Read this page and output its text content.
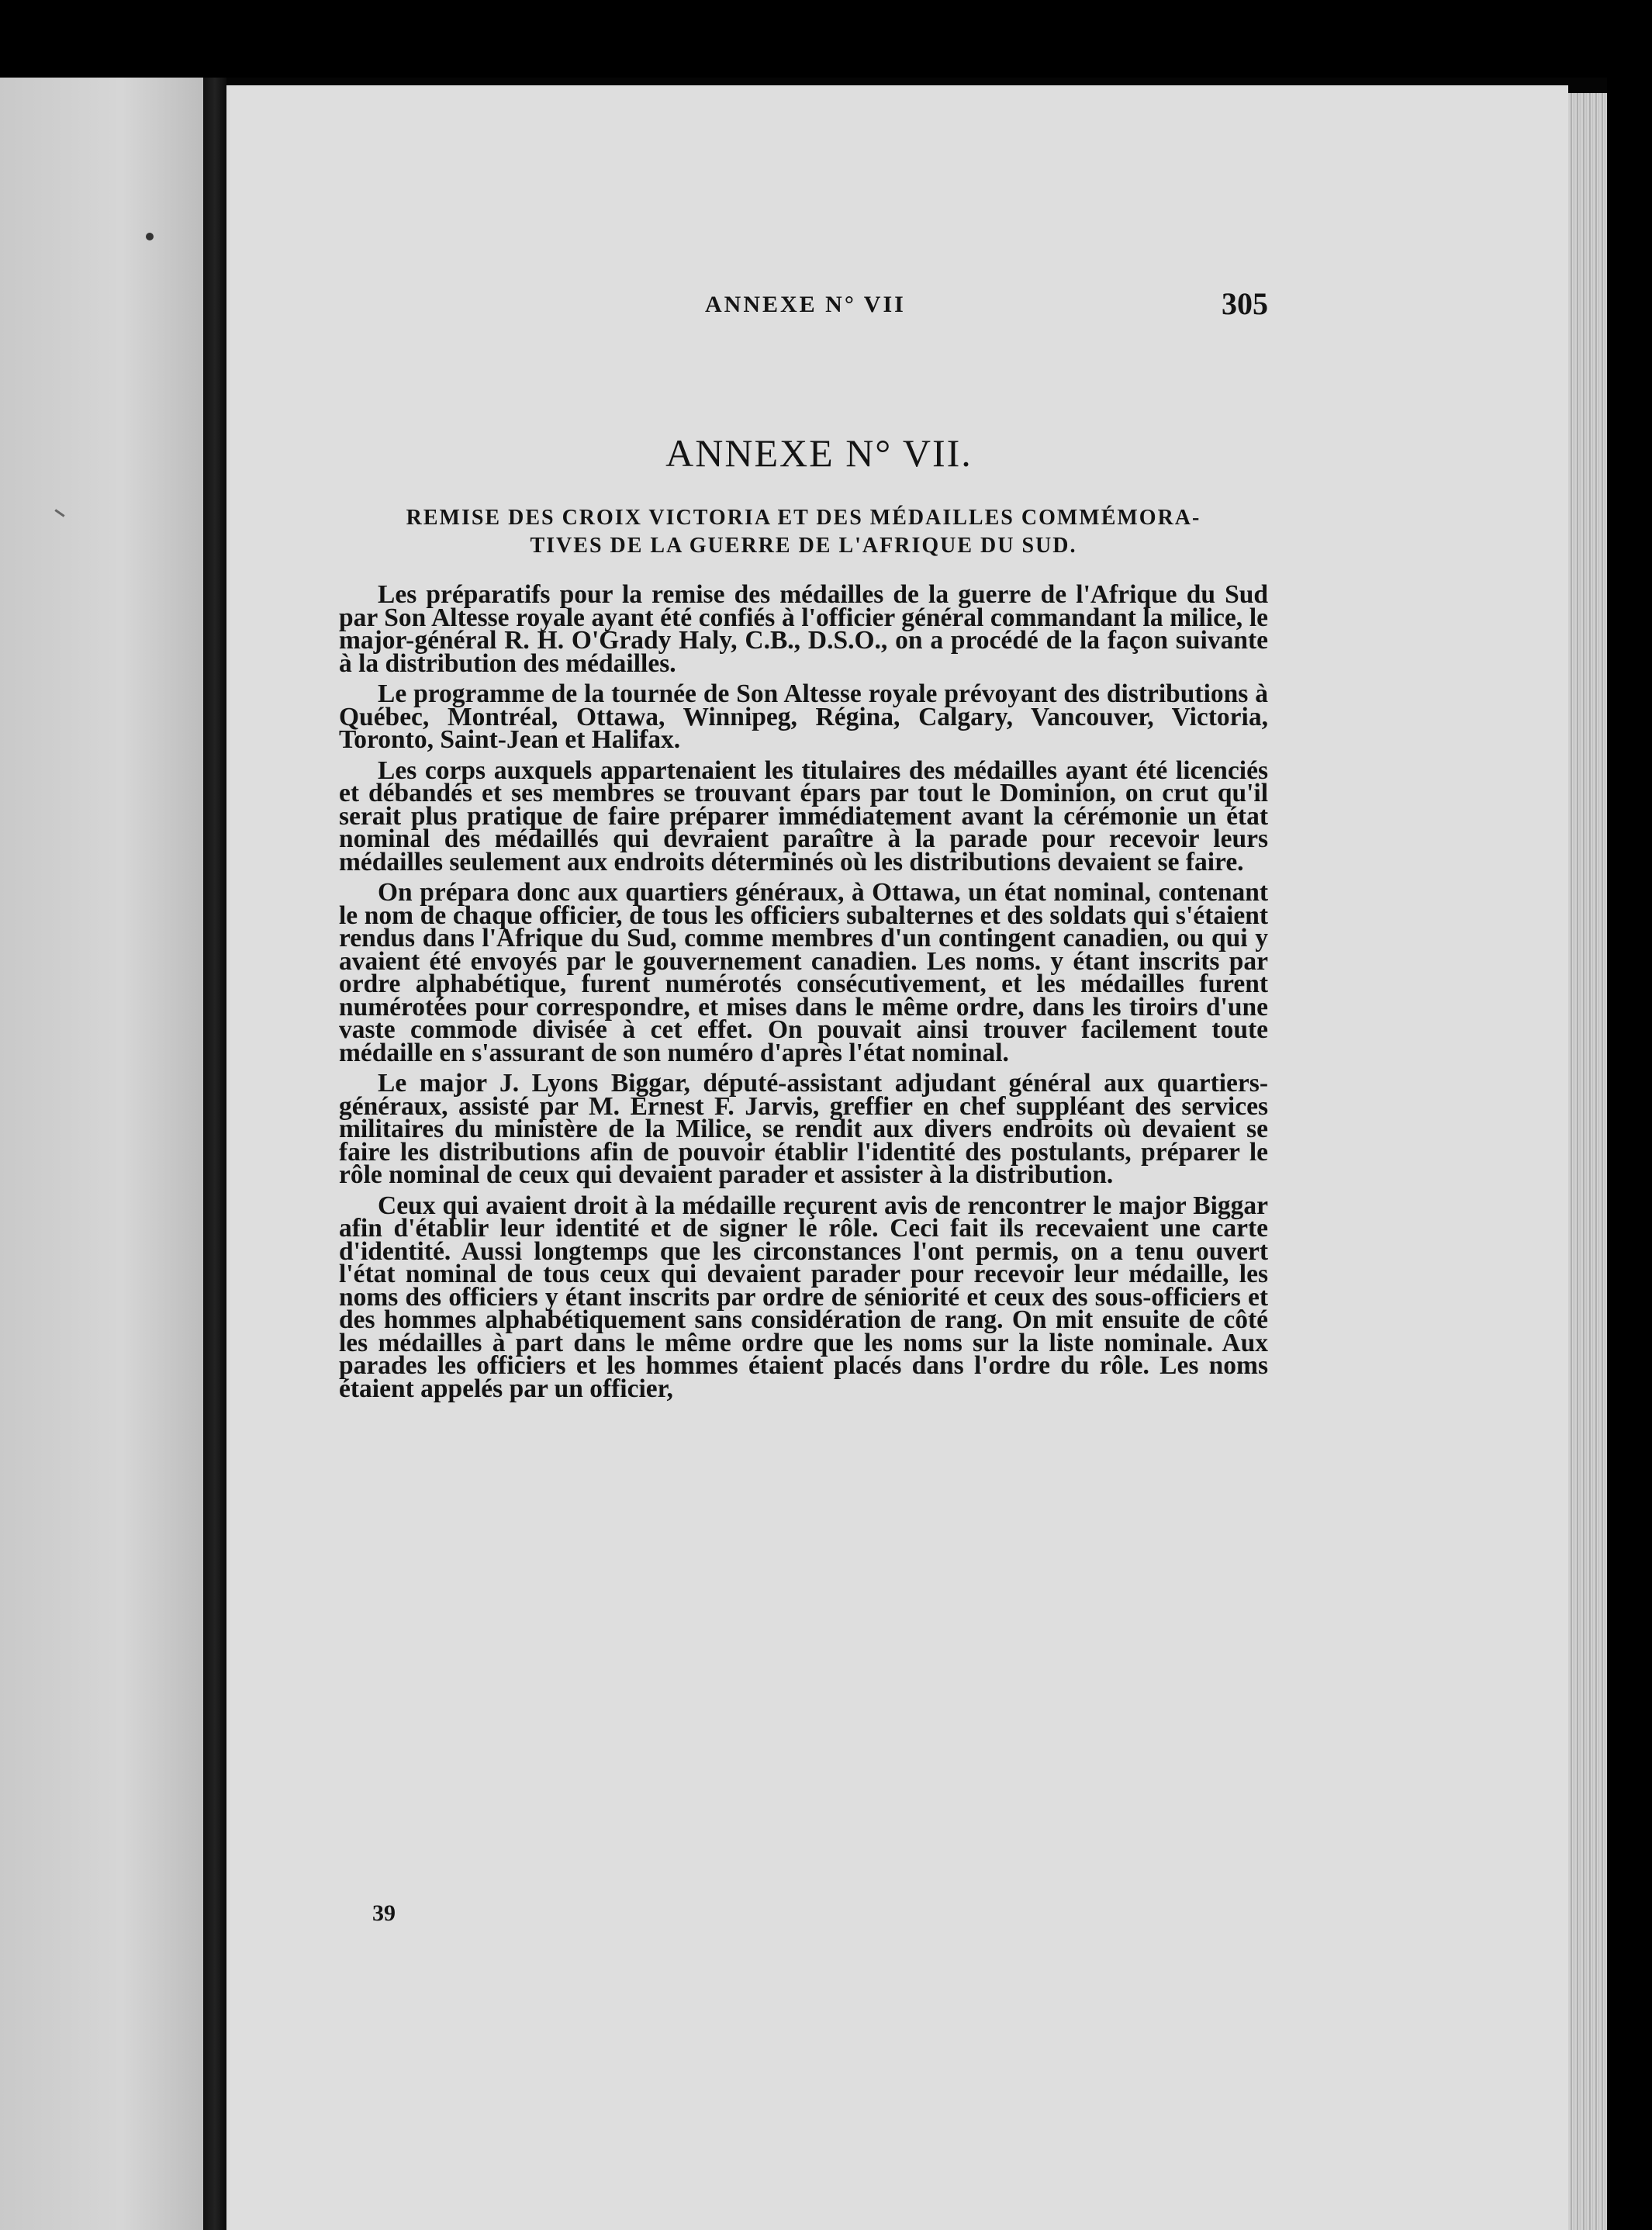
ANNEXE N° VII	305
ANNEXE N° VII.
REMISE DES CROIX VICTORIA ET DES MÉDAILLES COMMÉMORA-
TIVES DE LA GUERRE DE L'AFRIQUE DU SUD.

Les préparatifs pour la remise des médailles de la guerre de l'Afrique du Sud par Son Altesse royale ayant été confiés à l'officier général commandant la milice, le major-général R. H. O'Grady Haly, C.B., D.S.O., on a procédé de la façon suivante à la distribution des médailles.

Le programme de la tournée de Son Altesse royale prévoyant des distributions à Québec, Montréal, Ottawa, Winnipeg, Régina, Calgary, Vancouver, Victoria, Toronto, Saint-Jean et Halifax.

Les corps auxquels appartenaient les titulaires des médailles ayant été licenciés et débandés et ses membres se trouvant épars par tout le Dominion, on crut qu'il serait plus pratique de faire préparer immédiatement avant la cérémonie un état nominal des médaillés qui devraient paraître à la parade pour recevoir leurs médailles seulement aux endroits déterminés où les distributions devaient se faire.

On prépara donc aux quartiers généraux, à Ottawa, un état nominal, contenant le nom de chaque officier, de tous les officiers subalternes et des soldats qui s'étaient rendus dans l'Afrique du Sud, comme membres d'un contingent canadien, ou qui y avaient été envoyés par le gouvernement canadien. Les noms. y étant inscrits par ordre alphabétique, furent numérotés consécutivement, et les médailles furent numérotées pour correspondre, et mises dans le même ordre, dans les tiroirs d'une vaste commode divisée à cet effet. On pouvait ainsi trouver facilement toute médaille en s'assurant de son numéro d'après l'état nominal.

Le major J. Lyons Biggar, député-assistant adjudant général aux quartiers-généraux, assisté par M. Ernest F. Jarvis, greffier en chef suppléant des services militaires du ministère de la Milice, se rendit aux divers endroits où devaient se faire les distributions afin de pouvoir établir l'identité des postulants, préparer le rôle nominal de ceux qui devaient parader et assister à la distribution.

Ceux qui avaient droit à la médaille reçurent avis de rencontrer le major Biggar afin d'établir leur identité et de signer le rôle. Ceci fait ils recevaient une carte d'identité. Aussi longtemps que les circonstances l'ont permis, on a tenu ouvert l'état nominal de tous ceux qui devaient parader pour recevoir leur médaille, les noms des officiers y étant inscrits par ordre de séniorité et ceux des sous-officiers et des hommes alphabétiquement sans considération de rang. On mit ensuite de côté les médailles à part dans le même ordre que les noms sur la liste nominale. Aux parades les officiers et les hommes étaient placés dans l'ordre du rôle. Les noms étaient appelés par un officier,

39
